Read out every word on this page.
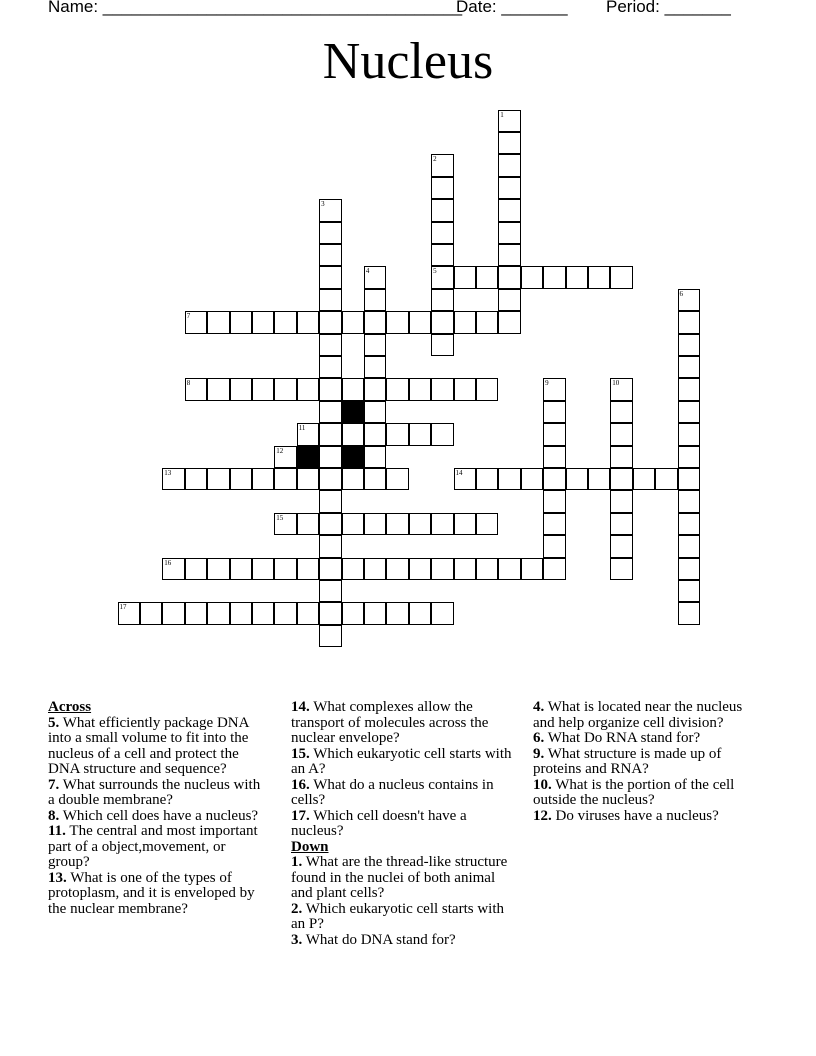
Name: ______________________________________
Date: _______ Period: _______
Nucleus
1
2
5
3
4
6
7
8	9	10
11
12
13	14
15
16
17
Across
5. What efficiently package DNA into a small volume to fit into the nucleus of a cell and protect the DNA structure and sequence?
7. What surrounds the nucleus with a double membrane?
8. Which cell does have a nucleus?
11. The central and most important part of a object,movement, or group?
13. What is one of the types of protoplasm, and it is enveloped by the nuclear membrane?
14. What complexes allow the transport of molecules across the nuclear envelope?
15. Which eukaryotic cell starts with an A?
16. What do a nucleus contains in cells?
17. Which cell doesn't have a nucleus?
Down
1. What are the thread-like structure found in the nuclei of both animal and plant cells?
2. Which eukaryotic cell starts with an P?
3. What do DNA stand for?
4. What is located near the nucleus and help organize cell division?
6. What Do RNA stand for?
9. What structure is made up of proteins and RNA?
10. What is the portion of the cell outside the nucleus?
12. Do viruses have a nucleus?
